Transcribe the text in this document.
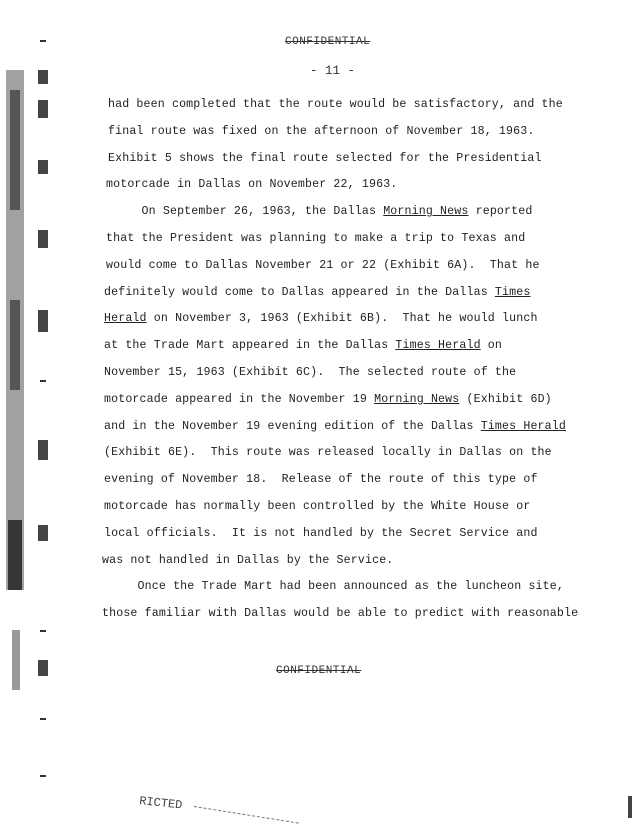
CONFIDENTIAL
- 11 -
had been completed that the route would be satisfactory, and the
final route was fixed on the afternoon of November 18, 1963.
Exhibit 5 shows the final route selected for the Presidential
motorcade in Dallas on November 22, 1963.
On September 26, 1963, the Dallas Morning News reported
that the President was planning to make a trip to Texas and
would come to Dallas November 21 or 22 (Exhibit 6A).  That he
definitely would come to Dallas appeared in the Dallas Times
Herald on November 3, 1963 (Exhibit 6B).  That he would lunch
at the Trade Mart appeared in the Dallas Times Herald on
November 15, 1963 (Exhibit 6C).  The selected route of the
motorcade appeared in the November 19 Morning News (Exhibit 6D)
and in the November 19 evening edition of the Dallas Times Herald
(Exhibit 6E).  This route was released locally in Dallas on the
evening of November 18.  Release of the route of this type of
motorcade has normally been controlled by the White House or
local officials.  It is not handled by the Secret Service and
was not handled in Dallas by the Service.
Once the Trade Mart had been announced as the luncheon site,
those familiar with Dallas would be able to predict with reasonable
CONFIDENTIAL
RICTED
